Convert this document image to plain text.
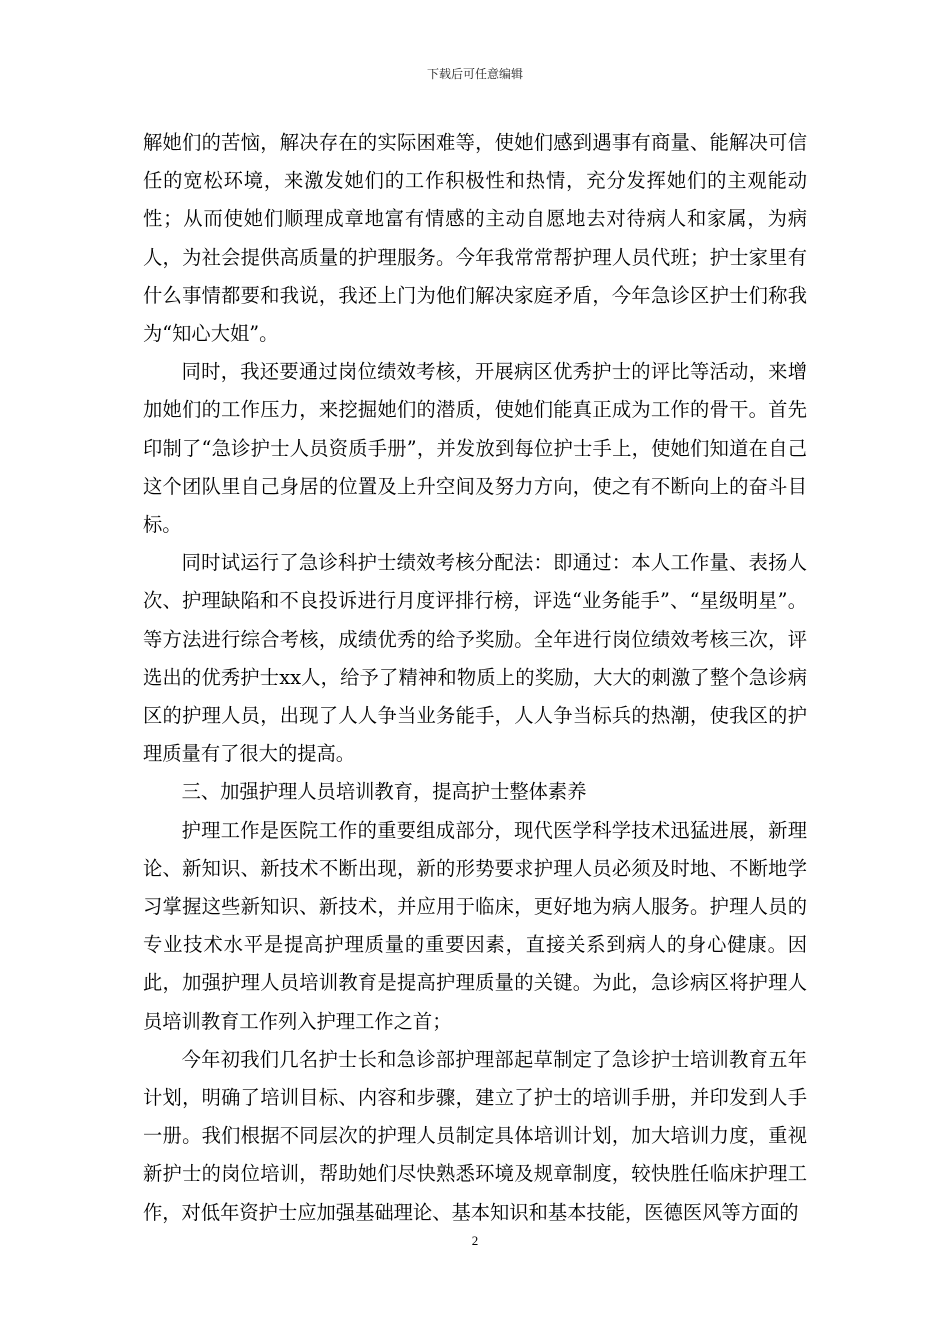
下载后可任意编辑

解她们的苦恼，解决存在的实际困难等，使她们感到遇事有商量、能解决可信任的宽松环境，来激发她们的工作积极性和热情，充分发挥她们的主观能动性；从而使她们顺理成章地富有情感的主动自愿地去对待病人和家属，为病人，为社会提供高质量的护理服务。今年我常常帮护理人员代班；护士家里有什么事情都要和我说，我还上门为他们解决家庭矛盾，今年急诊区护士们称我为“知心大姐”。

同时，我还要通过岗位绩效考核，开展病区优秀护士的评比等活动，来增加她们的工作压力，来挖掘她们的潜质，使她们能真正成为工作的骨干。首先印制了“急诊护士人员资质手册”，并发放到每位护士手上，使她们知道在自己这个团队里自己身居的位置及上升空间及努力方向，使之有不断向上的奋斗目标。

同时试运行了急诊科护士绩效考核分配法：即通过：本人工作量、表扬人次、护理缺陷和不良投诉进行月度评排行榜，评选“业务能手”、“星级明星”。等方法进行综合考核，成绩优秀的给予奖励。全年进行岗位绩效考核三次，评选出的优秀护士xx人，给予了精神和物质上的奖励，大大的刺激了整个急诊病区的护理人员，出现了人人争当业务能手，人人争当标兵的热潮，使我区的护理质量有了很大的提高。

三、加强护理人员培训教育，提高护士整体素养

护理工作是医院工作的重要组成部分，现代医学科学技术迅猛进展，新理论、新知识、新技术不断出现，新的形势要求护理人员必须及时地、不断地学习掌握这些新知识、新技术，并应用于临床，更好地为病人服务。护理人员的专业技术水平是提高护理质量的重要因素，直接关系到病人的身心健康。因此，加强护理人员培训教育是提高护理质量的关键。为此，急诊病区将护理人员培训教育工作列入护理工作之首；

今年初我们几名护士长和急诊部护理部起草制定了急诊护士培训教育五年计划，明确了培训目标、内容和步骤，建立了护士的培训手册，并印发到人手一册。我们根据不同层次的护理人员制定具体培训计划，加大培训力度，重视新护士的岗位培训，帮助她们尽快熟悉环境及规章制度，较快胜任临床护理工作，对低年资护士应加强基础理论、基本知识和基本技能，医德医风等方面的

2
